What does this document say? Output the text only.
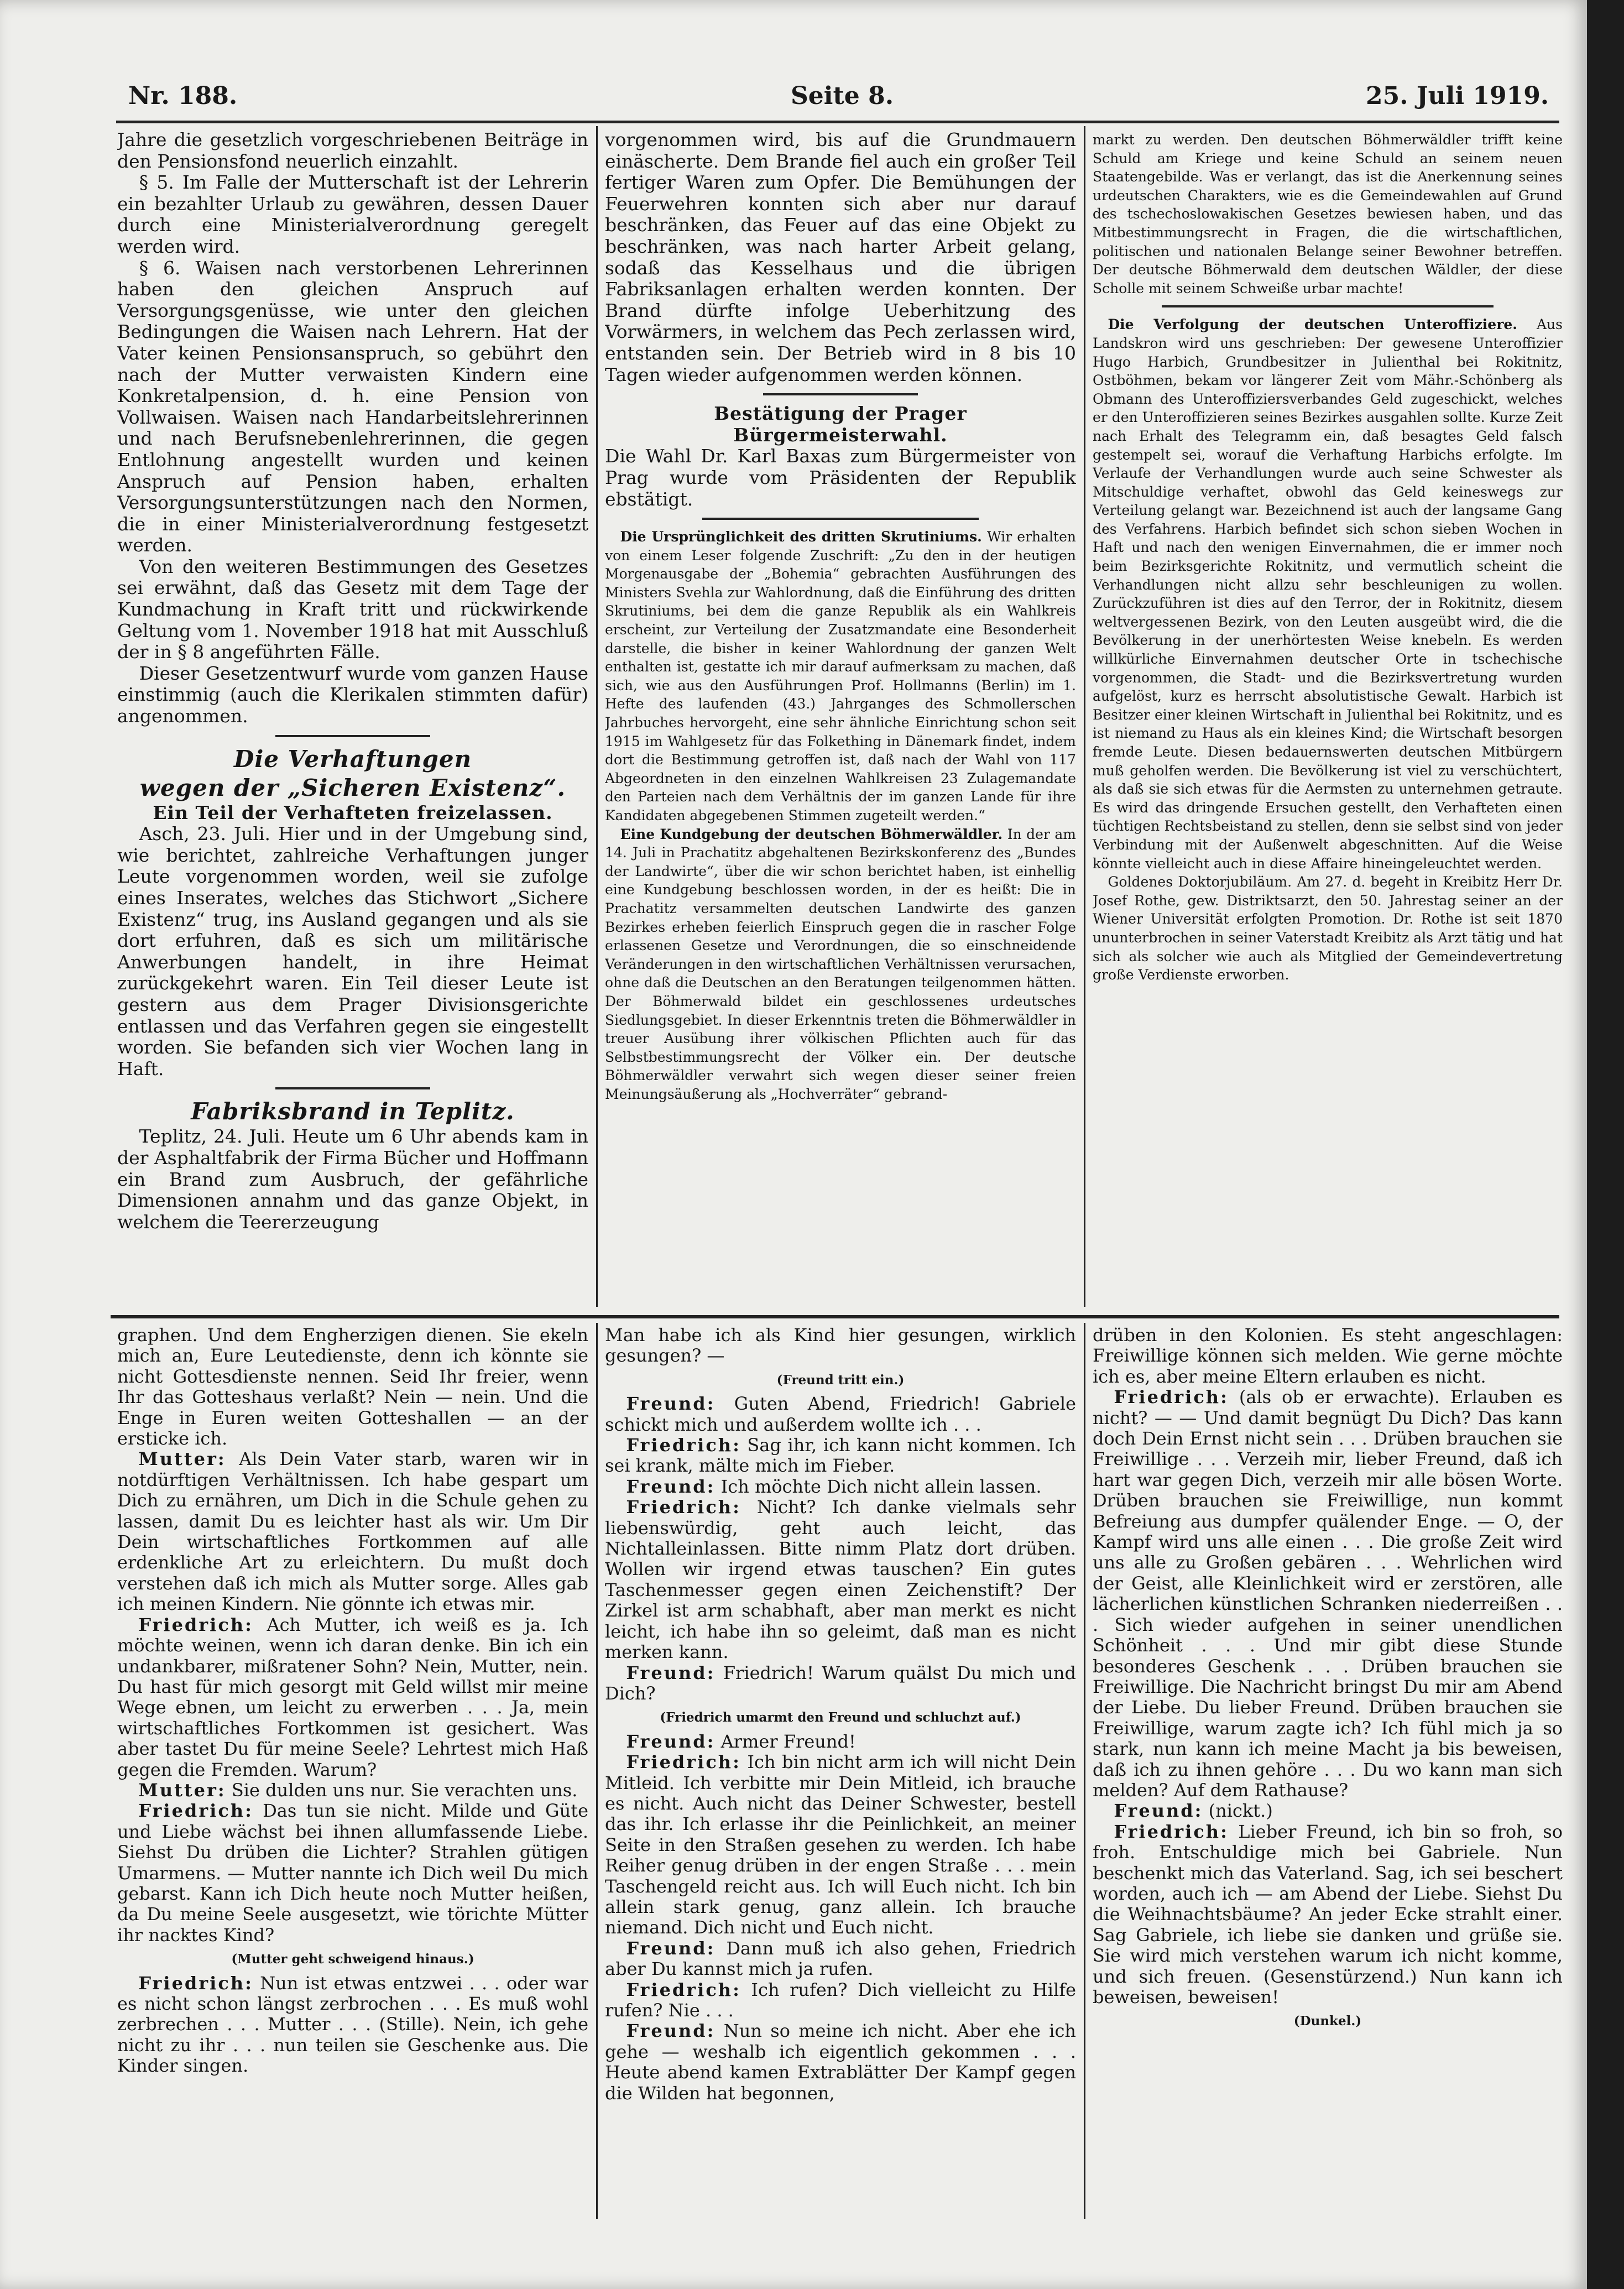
Nr. 188.	Seite 8.	25. Juli 1919.

Jahre die gesetzlich vorgeschriebenen Beiträge in den Pensionsfond neuerlich einzahlt.

§ 5. Im Falle der Mutterschaft ist der Lehrerin ein bezahlter Urlaub zu gewähren, dessen Dauer durch eine Ministerialverordnung geregelt werden wird.

§ 6. Waisen nach verstorbenen Lehrerinnen haben den gleichen Anspruch auf Versorgungsgenüsse, wie unter den gleichen Bedingungen die Waisen nach Lehrern. Hat der Vater keinen Pensionsanspruch, so gebührt den nach der Mutter verwaisten Kindern eine Konkretalpension, d. h. eine Pension von Vollwaisen. Waisen nach Handarbeitslehrerinnen und nach Berufsnebenlehrerinnen, die gegen Entlohnung angestellt wurden und keinen Anspruch auf Pension haben, erhalten Versorgungsunterstützungen nach den Normen, die in einer Ministerialverordnung festgesetzt werden.

Von den weiteren Bestimmungen des Gesetzes sei erwähnt, daß das Gesetz mit dem Tage der Kundmachung in Kraft tritt und rückwirkende Geltung vom 1. November 1918 hat mit Ausschluß der in § 8 angeführten Fälle.

Dieser Gesetzentwurf wurde vom ganzen Hause einstimmig (auch die Klerikalen stimmten dafür) angenommen.

Die Verhaftungen

wegen der „Sicheren Existenz“.

Ein Teil der Verhafteten freizelassen.

Asch, 23. Juli. Hier und in der Umgebung sind, wie berichtet, zahlreiche Verhaftungen junger Leute vorgenommen worden, weil sie zufolge eines Inserates, welches das Stichwort „Sichere Existenz“ trug, ins Ausland gegangen und als sie dort erfuhren, daß es sich um militärische Anwerbungen handelt, in ihre Heimat zurückgekehrt waren. Ein Teil dieser Leute ist gestern aus dem Prager Divisionsgerichte entlassen und das Verfahren gegen sie eingestellt worden. Sie befanden sich vier Wochen lang in Haft.

Fabriksbrand in Teplitz.

Teplitz, 24. Juli. Heute um 6 Uhr abends kam in der Asphaltfabrik der Firma Bücher und Hoffmann ein Brand zum Ausbruch, der gefährliche Dimensionen annahm und das ganze Objekt, in welchem die Teererzeugung

vorgenommen wird, bis auf die Grundmauern einäscherte. Dem Brande fiel auch ein großer Teil fertiger Waren zum Opfer. Die Bemühungen der Feuerwehren konnten sich aber nur darauf beschränken, das Feuer auf das eine Objekt zu beschränken, was nach harter Arbeit gelang, sodaß das Kesselhaus und die übrigen Fabriksanlagen erhalten werden konnten. Der Brand dürfte infolge Ueberhitzung des Vorwärmers, in welchem das Pech zerlassen wird, entstanden sein. Der Betrieb wird in 8 bis 10 Tagen wieder aufgenommen werden können.

Bestätigung der Prager Bürgermeisterwahl.

Die Wahl Dr. Karl Baxas zum Bürgermeister von Prag wurde vom Präsidenten der Republik ebstätigt.

Die Ursprünglichkeit des dritten Skrutiniums. Wir erhalten von einem Leser folgende Zuschrift: „Zu den in der heutigen Morgenausgabe der „Bohemia“ gebrachten Ausführungen des Ministers Svehla zur Wahlordnung, daß die Einführung des dritten Skrutiniums, bei dem die ganze Republik als ein Wahlkreis erscheint, zur Verteilung der Zusatzmandate eine Besonderheit darstelle, die bisher in keiner Wahlordnung der ganzen Welt enthalten ist, gestatte ich mir darauf aufmerksam zu machen, daß sich, wie aus den Ausführungen Prof. Hollmanns (Berlin) im 1. Hefte des laufenden (43.) Jahrganges des Schmollerschen Jahrbuches hervorgeht, eine sehr ähnliche Einrichtung schon seit 1915 im Wahlgesetz für das Folkething in Dänemark findet, indem dort die Bestimmung getroffen ist, daß nach der Wahl von 117 Abgeordneten in den einzelnen Wahlkreisen 23 Zulagemandate den Parteien nach dem Verhältnis der im ganzen Lande für ihre Kandidaten abgegebenen Stimmen zugeteilt werden.“

Eine Kundgebung der deutschen Böhmerwäldler. In der am 14. Juli in Prachatitz abgehaltenen Bezirkskonferenz des „Bundes der Landwirte“, über die wir schon berichtet haben, ist einhellig eine Kundgebung beschlossen worden, in der es heißt: Die in Prachatitz versammelten deutschen Landwirte des ganzen Bezirkes erheben feierlich Einspruch gegen die in rascher Folge erlassenen Gesetze und Verordnungen, die so einschneidende Veränderungen in den wirtschaftlichen Verhältnissen verursachen, ohne daß die Deutschen an den Beratungen teilgenommen hätten. Der Böhmerwald bildet ein geschlossenes urdeutsches Siedlungsgebiet. In dieser Erkenntnis treten die Böhmerwäldler in treuer Ausübung ihrer völkischen Pflichten auch für das Selbstbestimmungsrecht der Völker ein. Der deutsche Böhmerwäldler verwahrt sich wegen dieser seiner freien Meinungsäußerung als „Hochverräter“ gebrand-

markt zu werden. Den deutschen Böhmerwäldler trifft keine Schuld am Kriege und keine Schuld an seinem neuen Staatengebilde. Was er verlangt, das ist die Anerkennung seines urdeutschen Charakters, wie es die Gemeindewahlen auf Grund des tschechoslowakischen Gesetzes bewiesen haben, und das Mitbestimmungsrecht in Fragen, die die wirtschaftlichen, politischen und nationalen Belange seiner Bewohner betreffen. Der deutsche Böhmerwald dem deutschen Wäldler, der diese Scholle mit seinem Schweiße urbar machte!

Die Verfolgung der deutschen Unteroffiziere. Aus Landskron wird uns geschrieben: Der gewesene Unteroffizier Hugo Harbich, Grundbesitzer in Julienthal bei Rokitnitz, Ostböhmen, bekam vor längerer Zeit vom Mähr.-Schönberg als Obmann des Unteroffiziersverbandes Geld zugeschickt, welches er den Unteroffizieren seines Bezirkes ausgahlen sollte. Kurze Zeit nach Erhalt des Telegramm ein, daß besagtes Geld falsch gestempelt sei, worauf die Verhaftung Harbichs erfolgte. Im Verlaufe der Verhandlungen wurde auch seine Schwester als Mitschuldige verhaftet, obwohl das Geld keineswegs zur Verteilung gelangt war. Bezeichnend ist auch der langsame Gang des Verfahrens. Harbich befindet sich schon sieben Wochen in Haft und nach den wenigen Einvernahmen, die er immer noch beim Bezirksgerichte Rokitnitz, und vermutlich scheint die Verhandlungen nicht allzu sehr beschleunigen zu wollen. Zurückzuführen ist dies auf den Terror, der in Rokitnitz, diesem weltvergessenen Bezirk, von den Leuten ausgeübt wird, die die Bevölkerung in der unerhörtesten Weise knebeln. Es werden willkürliche Einvernahmen deutscher Orte in tschechische vorgenommen, die Stadt- und die Bezirksvertretung wurden aufgelöst, kurz es herrscht absolutistische Gewalt. Harbich ist Besitzer einer kleinen Wirtschaft in Julienthal bei Rokitnitz, und es ist niemand zu Haus als ein kleines Kind; die Wirtschaft besorgen fremde Leute. Diesen bedauernswerten deutschen Mitbürgern muß geholfen werden. Die Bevölkerung ist viel zu verschüchtert, als daß sie sich etwas für die Aermsten zu unternehmen getraute. Es wird das dringende Ersuchen gestellt, den Verhafteten einen tüchtigen Rechtsbeistand zu stellen, denn sie selbst sind von jeder Verbindung mit der Außenwelt abgeschnitten. Auf die Weise könnte vielleicht auch in diese Affaire hineingeleuchtet werden.

Goldenes Doktorjubiläum. Am 27. d. begeht in Kreibitz Herr Dr. Josef Rothe, gew. Distriktsarzt, den 50. Jahrestag seiner an der Wiener Universität erfolgten Promotion. Dr. Rothe ist seit 1870 ununterbrochen in seiner Vaterstadt Kreibitz als Arzt tätig und hat sich als solcher wie auch als Mitglied der Gemeindevertretung große Verdienste erworben.

graphen. Und dem Engherzigen dienen. Sie ekeln mich an, Eure Leutedienste, denn ich könnte sie nicht Gottesdienste nennen. Seid Ihr freier, wenn Ihr das Gotteshaus verlaßt? Nein — nein. Und die Enge in Euren weiten Gotteshallen — an der ersticke ich.

Mutter: Als Dein Vater starb, waren wir in notdürftigen Verhältnissen. Ich habe gespart um Dich zu ernähren, um Dich in die Schule gehen zu lassen, damit Du es leichter hast als wir. Um Dir Dein wirtschaftliches Fortkommen auf alle erdenkliche Art zu erleichtern. Du mußt doch verstehen daß ich mich als Mutter sorge. Alles gab ich meinen Kindern. Nie gönnte ich etwas mir.

Friedrich: Ach Mutter, ich weiß es ja. Ich möchte weinen, wenn ich daran denke. Bin ich ein undankbarer, mißratener Sohn? Nein, Mutter, nein. Du hast für mich gesorgt mit Geld willst mir meine Wege ebnen, um leicht zu erwerben . . . Ja, mein wirtschaftliches Fortkommen ist gesichert. Was aber tastet Du für meine Seele? Lehrtest mich Haß gegen die Fremden. Warum?

Mutter: Sie dulden uns nur. Sie verachten uns.

Friedrich: Das tun sie nicht. Milde und Güte und Liebe wächst bei ihnen allumfassende Liebe. Siehst Du drüben die Lichter? Strahlen gütigen Umarmens. — Mutter nannte ich Dich weil Du mich gebarst. Kann ich Dich heute noch Mutter heißen, da Du meine Seele ausgesetzt, wie törichte Mütter ihr nacktes Kind?

(Mutter geht schweigend hinaus.)

Friedrich: Nun ist etwas entzwei . . . oder war es nicht schon längst zerbrochen . . . Es muß wohl zerbrechen . . . Mutter . . . (Stille). Nein, ich gehe nicht zu ihr . . . nun teilen sie Geschenke aus. Die Kinder singen.

Man habe ich als Kind hier gesungen, wirklich gesungen? —

(Freund tritt ein.)

Freund: Guten Abend, Friedrich! Gabriele schickt mich und außerdem wollte ich . . .

Friedrich: Sag ihr, ich kann nicht kommen. Ich sei krank, mälte mich im Fieber.

Freund: Ich möchte Dich nicht allein lassen.

Friedrich: Nicht? Ich danke vielmals sehr liebenswürdig, geht auch leicht, das Nichtalleinlassen. Bitte nimm Platz dort drüben. Wollen wir irgend etwas tauschen? Ein gutes Taschenmesser gegen einen Zeichenstift? Der Zirkel ist arm schabhaft, aber man merkt es nicht leicht, ich habe ihn so geleimt, daß man es nicht merken kann.

Freund: Friedrich! Warum quälst Du mich und Dich?

(Friedrich umarmt den Freund und schluchzt auf.)

Freund: Armer Freund!

Friedrich: Ich bin nicht arm ich will nicht Dein Mitleid. Ich verbitte mir Dein Mitleid, ich brauche es nicht. Auch nicht das Deiner Schwester, bestell das ihr. Ich erlasse ihr die Peinlichkeit, an meiner Seite in den Straßen gesehen zu werden. Ich habe Reiher genug drüben in der engen Straße . . . mein Taschengeld reicht aus. Ich will Euch nicht. Ich bin allein stark genug, ganz allein. Ich brauche niemand. Dich nicht und Euch nicht.

Freund: Dann muß ich also gehen, Friedrich aber Du kannst mich ja rufen.

Friedrich: Ich rufen? Dich vielleicht zu Hilfe rufen? Nie . . .

Freund: Nun so meine ich nicht. Aber ehe ich gehe — weshalb ich eigentlich gekommen . . . Heute abend kamen Extrablätter Der Kampf gegen die Wilden hat begonnen,

drüben in den Kolonien. Es steht angeschlagen: Freiwillige können sich melden. Wie gerne möchte ich es, aber meine Eltern erlauben es nicht.

Friedrich: (als ob er erwachte). Erlauben es nicht? — — Und damit begnügt Du Dich? Das kann doch Dein Ernst nicht sein . . . Drüben brauchen sie Freiwillige . . . Verzeih mir, lieber Freund, daß ich hart war gegen Dich, verzeih mir alle bösen Worte. Drüben brauchen sie Freiwillige, nun kommt Befreiung aus dumpfer quälender Enge. — O, der Kampf wird uns alle einen . . . Die große Zeit wird uns alle zu Großen gebären . . . Wehrlichen wird der Geist, alle Kleinlichkeit wird er zerstören, alle lächerlichen künstlichen Schranken niederreißen . . . Sich wieder aufgehen in seiner unendlichen Schönheit . . . Und mir gibt diese Stunde besonderes Geschenk . . . Drüben brauchen sie Freiwillige. Die Nachricht bringst Du mir am Abend der Liebe. Du lieber Freund. Drüben brauchen sie Freiwillige, warum zagte ich? Ich fühl mich ja so stark, nun kann ich meine Macht ja bis beweisen, daß ich zu ihnen gehöre . . . Du wo kann man sich melden? Auf dem Rathause?

Freund: (nickt.)

Friedrich: Lieber Freund, ich bin so froh, so froh. Entschuldige mich bei Gabriele. Nun beschenkt mich das Vaterland. Sag, ich sei beschert worden, auch ich — am Abend der Liebe. Siehst Du die Weihnachtsbäume? An jeder Ecke strahlt einer. Sag Gabriele, ich liebe sie danken und grüße sie. Sie wird mich verstehen warum ich nicht komme, und sich freuen. (Gesenstürzend.) Nun kann ich beweisen, beweisen!

(Dunkel.)
